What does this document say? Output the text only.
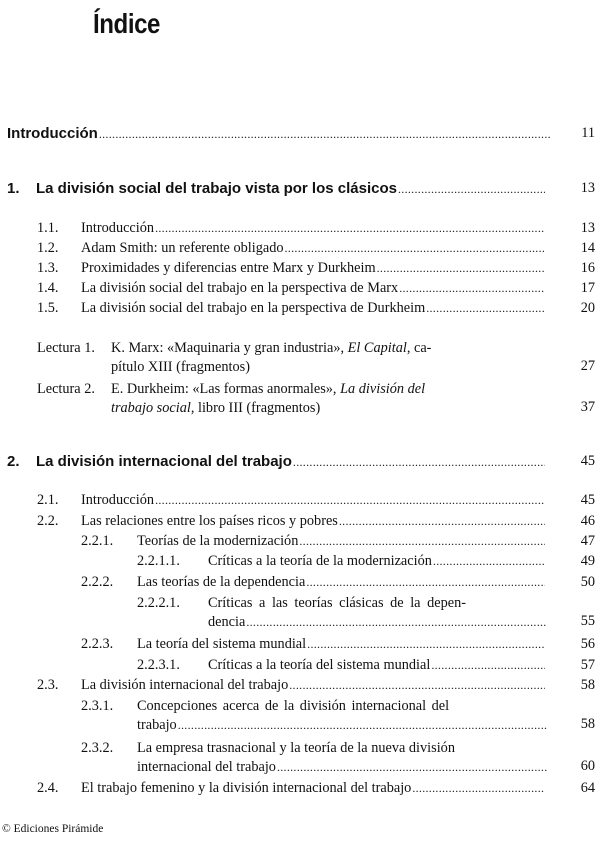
Índice
Introducción .....	11
1.	La división social del trabajo vista por los clásicos .....	13
1.1.	Introducción .....	13
1.2.	Adam Smith: un referente obligado .....	14
1.3.	Proximidades y diferencias entre Marx y Durkheim .....	16
1.4.	La división social del trabajo en la perspectiva de Marx .....	17
1.5.	La división social del trabajo en la perspectiva de Durkheim .....	20
Lectura 1.	K. Marx: «Maquinaria y gran industria», El Capital, ca-
pítulo XIII (fragmentos)	27
Lectura 2.	E. Durkheim: «Las formas anormales», La división del
trabajo social, libro III (fragmentos)	37
2.	La división internacional del trabajo .....	45
2.1.	Introducción .....	45
2.2.	Las relaciones entre los países ricos y pobres .....	46
2.2.1.	Teorías de la modernización .....	47
2.2.1.1.	Críticas a la teoría de la modernización .....	49
2.2.2.	Las teorías de la dependencia .....	50
2.2.2.1.	Críticas a las teorías clásicas de la depen-
dencia .....	55
2.2.3.	La teoría del sistema mundial .....	56
2.2.3.1.	Críticas a la teoría del sistema mundial .....	57
2.3.	La división internacional del trabajo .....	58
2.3.1.	Concepciones acerca de la división internacional del
trabajo .....	58
2.3.2.	La empresa trasnacional y la teoría de la nueva división
internacional del trabajo .....	60
2.4.	El trabajo femenino y la división internacional del trabajo .....	64
© Ediciones Pirámide
